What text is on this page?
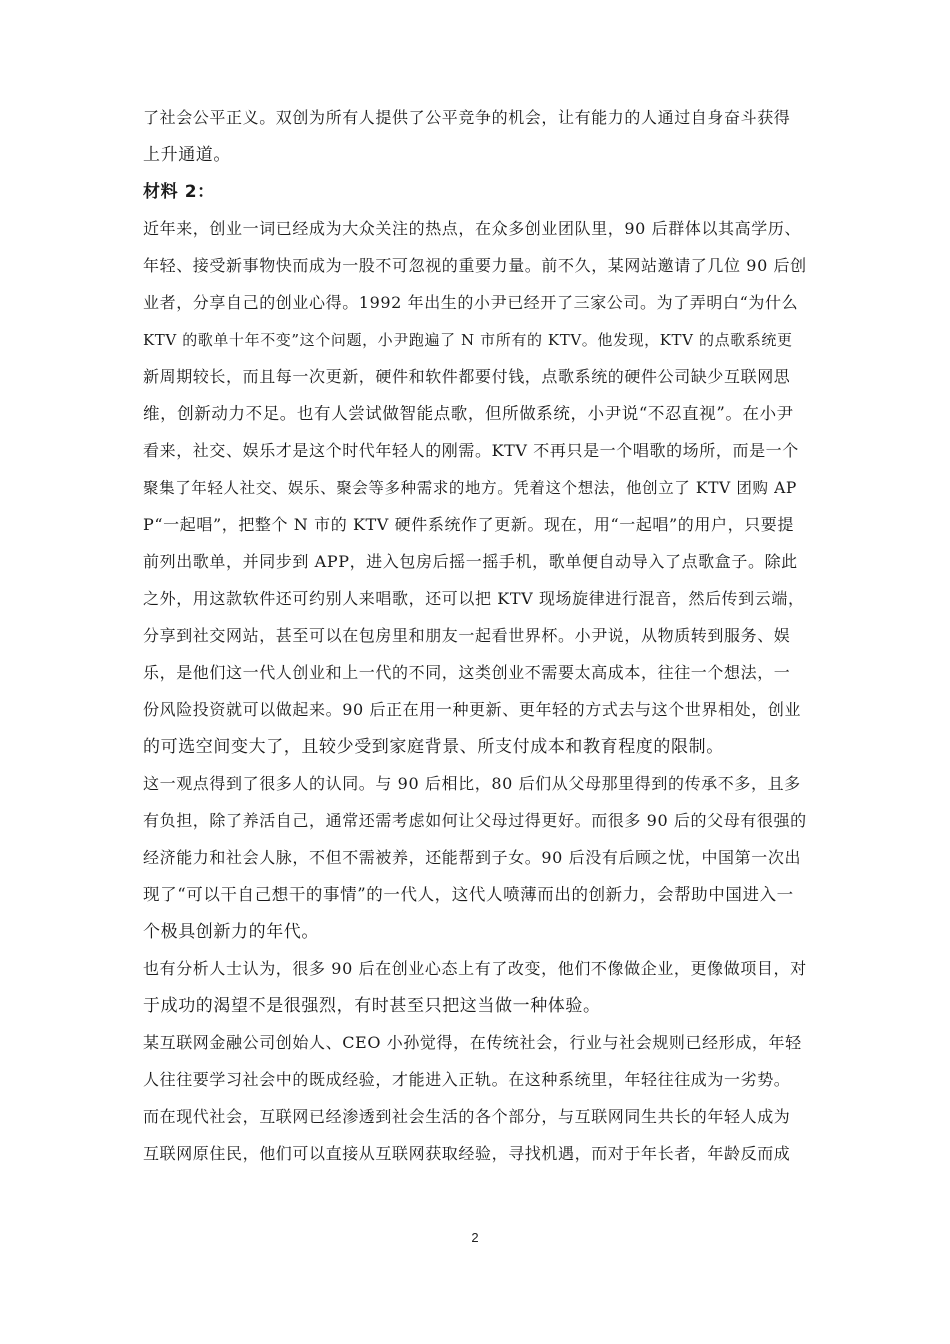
了社会公平正义。双创为所有人提供了公平竞争的机会，让有能力的人通过自身奋斗获得
上升通道。
材料 2：
近年来，创业一词已经成为大众关注的热点，在众多创业团队里，90 后群体以其高学历、
年轻、接受新事物快而成为一股不可忽视的重要力量。前不久，某网站邀请了几位 90 后创
业者，分享自己的创业心得。1992 年出生的小尹已经开了三家公司。为了弄明白“为什么
KTV 的歌单十年不变”这个问题，小尹跑遍了 N 市所有的 KTV。他发现，KTV 的点歌系统更
新周期较长，而且每一次更新，硬件和软件都要付钱，点歌系统的硬件公司缺少互联网思
维，创新动力不足。也有人尝试做智能点歌，但所做系统，小尹说“不忍直视”。在小尹
看来，社交、娱乐才是这个时代年轻人的刚需。KTV 不再只是一个唱歌的场所，而是一个
聚集了年轻人社交、娱乐、聚会等多种需求的地方。凭着这个想法，他创立了 KTV 团购 AP
P“一起唱”，把整个 N 市的 KTV 硬件系统作了更新。现在，用“一起唱”的用户，只要提
前列出歌单，并同步到 APP，进入包房后摇一摇手机，歌单便自动导入了点歌盒子。除此
之外，用这款软件还可约别人来唱歌，还可以把 KTV 现场旋律进行混音，然后传到云端，
分享到社交网站，甚至可以在包房里和朋友一起看世界杯。小尹说，从物质转到服务、娱
乐，是他们这一代人创业和上一代的不同，这类创业不需要太高成本，往往一个想法，一
份风险投资就可以做起来。90 后正在用一种更新、更年轻的方式去与这个世界相处，创业
的可选空间变大了，且较少受到家庭背景、所支付成本和教育程度的限制。
这一观点得到了很多人的认同。与 90 后相比，80 后们从父母那里得到的传承不多，且多
有负担，除了养活自己，通常还需考虑如何让父母过得更好。而很多 90 后的父母有很强的
经济能力和社会人脉，不但不需被养，还能帮到子女。90 后没有后顾之忧，中国第一次出
现了“可以干自己想干的事情”的一代人，这代人喷薄而出的创新力，会帮助中国进入一
个极具创新力的年代。
也有分析人士认为，很多 90 后在创业心态上有了改变，他们不像做企业，更像做项目，对
于成功的渴望不是很强烈，有时甚至只把这当做一种体验。
某互联网金融公司创始人、CEO 小孙觉得，在传统社会，行业与社会规则已经形成，年轻
人往往要学习社会中的既成经验，才能进入正轨。在这种系统里，年轻往往成为一劣势。
而在现代社会，互联网已经渗透到社会生活的各个部分，与互联网同生共长的年轻人成为
互联网原住民，他们可以直接从互联网获取经验，寻找机遇，而对于年长者，年龄反而成
2
